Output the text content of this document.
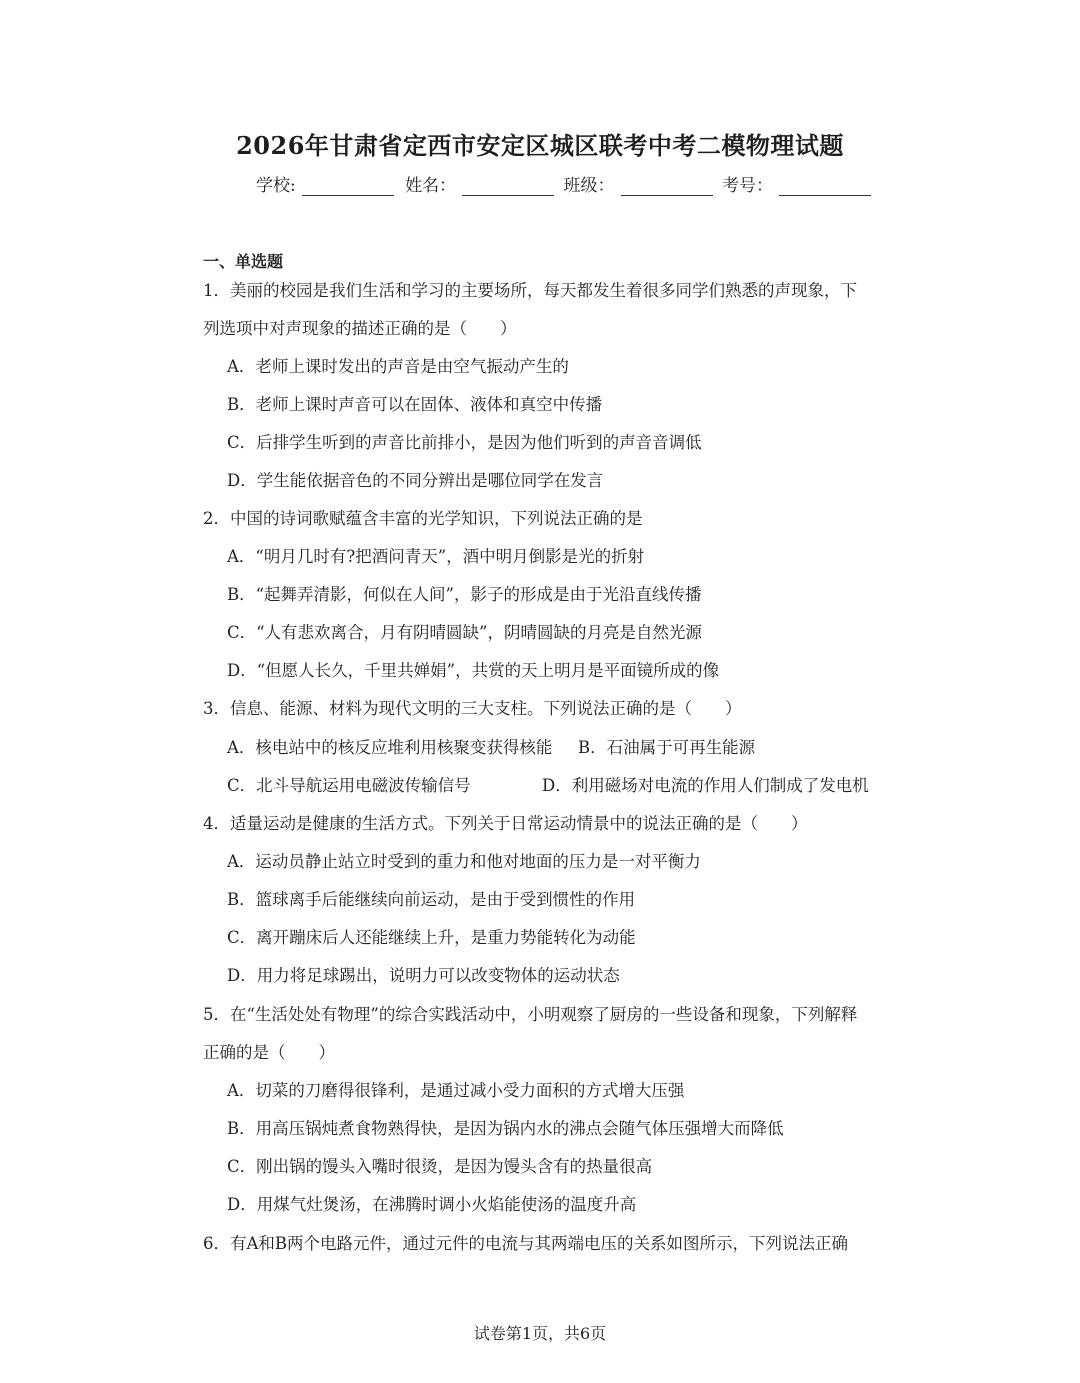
2026年甘肃省定西市安定区城区联考中考二模物理试题
学校:	姓名：	班级：	考号：
一、单选题
1．美丽的校园是我们生活和学习的主要场所，每天都发生着很多同学们熟悉的声现象，下
列选项中对声现象的描述正确的是（　　）
A．老师上课时发出的声音是由空气振动产生的
B．老师上课时声音可以在固体、液体和真空中传播
C．后排学生听到的声音比前排小，是因为他们听到的声音音调低
D．学生能依据音色的不同分辨出是哪位同学在发言
2．中国的诗词歌赋蕴含丰富的光学知识，下列说法正确的是
A．“明月几时有?把酒问青天”，酒中明月倒影是光的折射
B．“起舞弄清影，何似在人间”，影子的形成是由于光沿直线传播
C．“人有悲欢离合，月有阴晴圆缺”，阴晴圆缺的月亮是自然光源
D．“但愿人长久，千里共婵娟”，共赏的天上明月是平面镜所成的像
3．信息、能源、材料为现代文明的三大支柱。下列说法正确的是（　　）
A．核电站中的核反应堆利用核聚变获得核能 B．石油属于可再生能源
C．北斗导航运用电磁波传输信号	D．利用磁场对电流的作用人们制成了发电机
4．适量运动是健康的生活方式。下列关于日常运动情景中的说法正确的是（　　）
A．运动员静止站立时受到的重力和他对地面的压力是一对平衡力
B．篮球离手后能继续向前运动，是由于受到惯性的作用
C．离开蹦床后人还能继续上升，是重力势能转化为动能
D．用力将足球踢出，说明力可以改变物体的运动状态
5．在“生活处处有物理”的综合实践活动中，小明观察了厨房的一些设备和现象，下列解释
正确的是（　　）
A．切菜的刀磨得很锋利，是通过减小受力面积的方式增大压强
B．用高压锅炖煮食物熟得快，是因为锅内水的沸点会随气体压强增大而降低
C．刚出锅的馒头入嘴时很烫，是因为馒头含有的热量很高
D．用煤气灶煲汤，在沸腾时调小火焰能使汤的温度升高
6．有A和B两个电路元件，通过元件的电流与其两端电压的关系如图所示，下列说法正确
试卷第1页，共6页
